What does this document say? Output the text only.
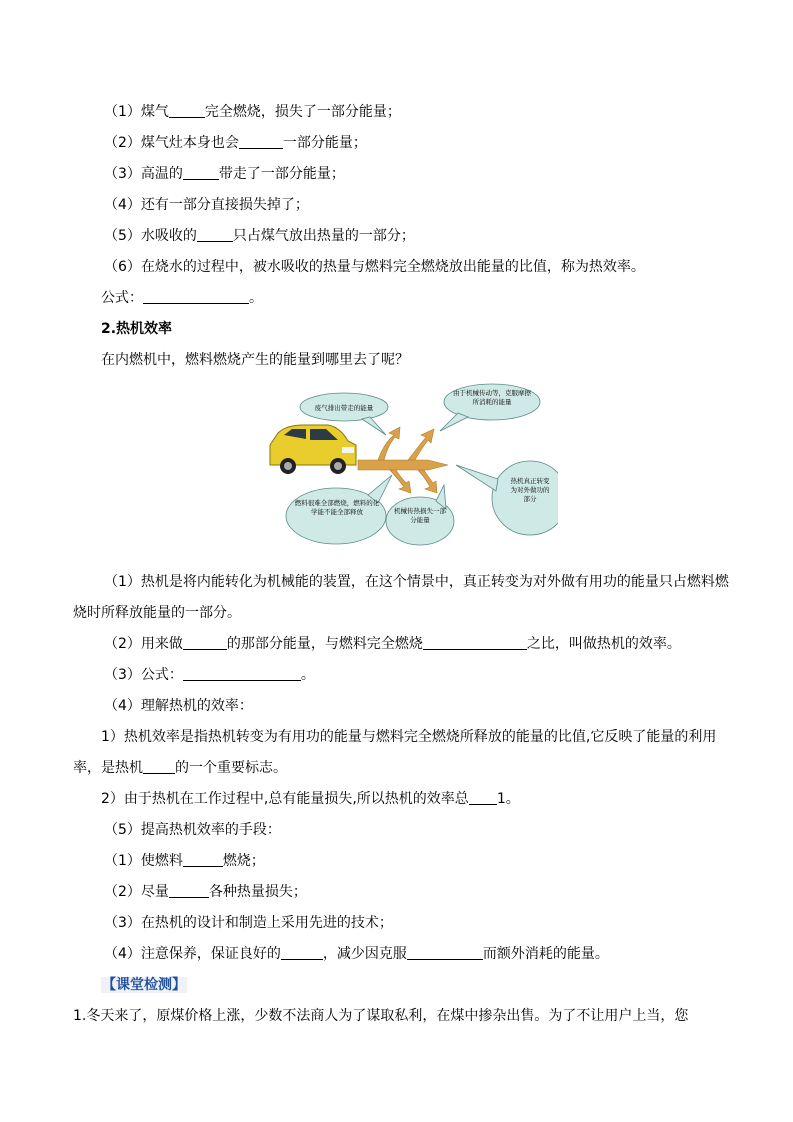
（1）煤气	完全燃烧，损失了一部分能量；
（2）煤气灶本身也会	一部分能量；
（3）高温的	带走了一部分能量；
（4）还有一部分直接损失掉了；
（5）水吸收的	只占煤气放出热量的一部分；
（6）在烧水的过程中，被水吸收的热量与燃料完全燃烧放出能量的比值，称为热效率。
公式：	。
2.热机效率
在内燃机中，燃料燃烧产生的能量到哪里去了呢？
废气排出带走的能量
由于机械传动等，克服摩擦所消耗的能量
热机真正转变为对外做功的部分
燃料很难全部燃烧，燃料的化学能不能全部释放	机械传热损失一部分能量
（1）热机是将内能转化为机械能的装置，在这个情景中，真正转变为对外做有用功的能量只占燃料燃
烧时所释放能量的一部分。
（2）用来做	的那部分能量，与燃料完全燃烧	之比，叫做热机的效率。
（3）公式：	。
（4）理解热机的效率：
1）热机效率是指热机转变为有用功的能量与燃料完全燃烧所释放的能量的比值,它反映了能量的利用
率，是热机 的一个重要标志。
2）由于热机在工作过程中,总有能量损失,所以热机的效率总 1。
（5）提高热机效率的手段：
（1）使燃料	燃烧；
（2）尽量	各种热量损失；
（3）在热机的设计和制造上采用先进的技术；
（4）注意保养，保证良好的	，减少因克服	而额外消耗的能量。
【课堂检测】
1.冬天来了，原煤价格上涨，少数不法商人为了谋取私利，在煤中掺杂出售。为了不让用户上当，您
